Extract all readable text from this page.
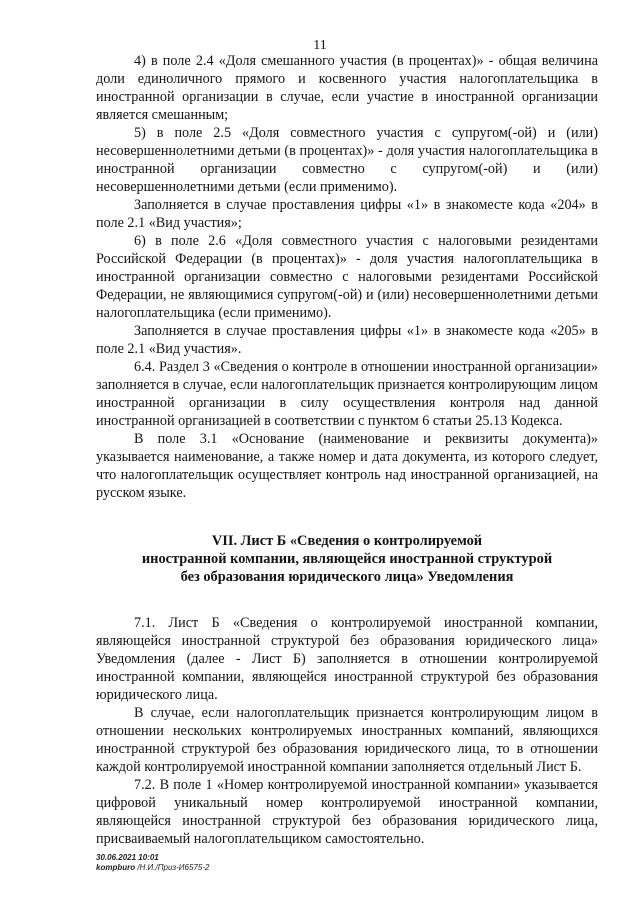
11

4) в поле 2.4 «Доля смешанного участия (в процентах)» - общая величина доли единоличного прямого и косвенного участия налогоплательщика в иностранной организации в случае, если участие в иностранной организации является смешанным;

5) в поле 2.5 «Доля совместного участия с супругом(-ой) и (или) несовершеннолетними детьми (в процентах)» - доля участия налогоплательщика в иностранной организации совместно с супругом(-ой) и (или) несовершеннолетними детьми (если применимо).

Заполняется в случае проставления цифры «1» в знакоместе кода «204» в поле 2.1 «Вид участия»;

6) в поле 2.6 «Доля совместного участия с налоговыми резидентами Российской Федерации (в процентах)» - доля участия налогоплательщика в иностранной организации совместно с налоговыми резидентами Российской Федерации, не являющимися супругом(-ой) и (или) несовершеннолетними детьми налогоплательщика (если применимо).

Заполняется в случае проставления цифры «1» в знакоместе кода «205» в поле 2.1 «Вид участия».

6.4. Раздел 3 «Сведения о контроле в отношении иностранной организации» заполняется в случае, если налогоплательщик признается контролирующим лицом иностранной организации в силу осуществления контроля над данной иностранной организацией в соответствии с пунктом 6 статьи 25.13 Кодекса.

В поле 3.1 «Основание (наименование и реквизиты документа)» указывается наименование, а также номер и дата документа, из которого следует, что налогоплательщик осуществляет контроль над иностранной организацией, на русском языке.

VII. Лист Б «Сведения о контролируемой
иностранной компании, являющейся иностранной структурой
без образования юридического лица» Уведомления

7.1. Лист Б «Сведения о контролируемой иностранной компании, являющейся иностранной структурой без образования юридического лица» Уведомления (далее - Лист Б) заполняется в отношении контролируемой иностранной компании, являющейся иностранной структурой без образования юридического лица.

В случае, если налогоплательщик признается контролирующим лицом в отношении нескольких контролируемых иностранных компаний, являющихся иностранной структурой без образования юридического лица, то в отношении каждой контролируемой иностранной компании заполняется отдельный Лист Б.

7.2. В поле 1 «Номер контролируемой иностранной компании» указывается цифровой уникальный номер контролируемой иностранной компании, являющейся иностранной структурой без образования юридического лица, присваиваемый налогоплательщиком самостоятельно.

30.06.2021 10:01
kompburo /Н.И./Приз-И6575-2
